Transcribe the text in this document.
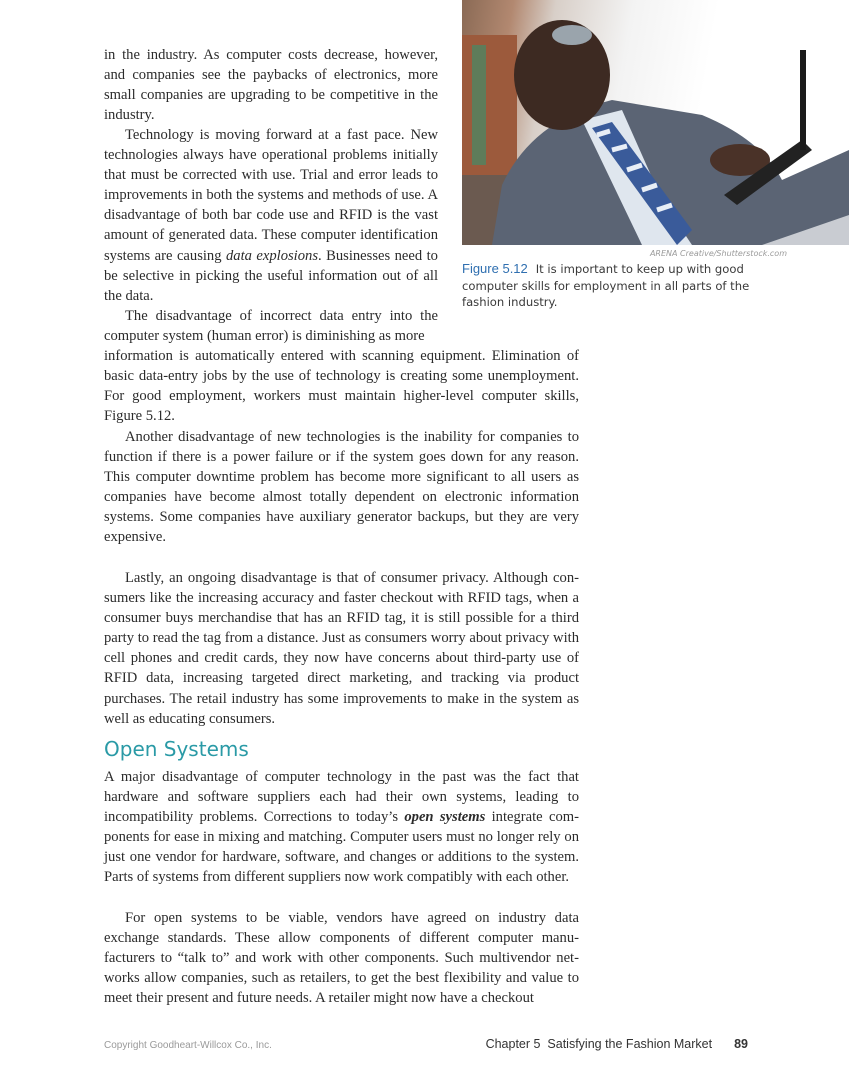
ARENA Creative/Shutterstock.com
Figure 5.12 It is important to keep up with good computer skills for employment in all parts of the fashion industry.

in the industry. As computer costs decrease, however, and companies see the paybacks of electronics, more small companies are upgrading to be competitive in the industry.

Technology is moving forward at a fast pace. New technologies always have operational problems initially that must be corrected with use. Trial and error leads to improvements in both the systems and methods of use. A disadvantage of both bar code use and RFID is the vast amount of generated data. These computer identification systems are causing data explosions. Businesses need to be selective in picking the useful information out of all the data.

The disadvantage of incorrect data entry into the computer system (human error) is diminishing as more

information is automatically entered with scanning equipment. Elimination of basic data-entry jobs by the use of technology is creating some unemployment. For good employment, workers must maintain higher-level computer skills, Figure 5.12.

Another disadvantage of new technologies is the inability for companies to function if there is a power failure or if the system goes down for any reason. This computer downtime problem has become more significant to all users as companies have become almost totally dependent on electronic information systems. Some companies have auxiliary generator backups, but they are very expensive.

Lastly, an ongoing disadvantage is that of consumer privacy. Although consumers like the increasing accuracy and faster checkout with RFID tags, when a consumer buys merchandise that has an RFID tag, it is still possible for a third party to read the tag from a distance. Just as consumers worry about privacy with cell phones and credit cards, they now have concerns about third-party use of RFID data, increasing targeted direct marketing, and tracking via product purchases. The retail industry has some improvements to make in the system as well as educating consumers.

Open Systems

A major disadvantage of computer technology in the past was the fact that hardware and software suppliers each had their own systems, leading to incompatibility problems. Corrections to today’s open systems integrate components for ease in mixing and matching. Computer users must no longer rely on just one vendor for hardware, software, and changes or additions to the system. Parts of systems from different suppliers now work compatibly with each other.

For open systems to be viable, vendors have agreed on industry data exchange standards. These allow components of different computer manufacturers to “talk to” and work with other components. Such multivendor networks allow companies, such as retailers, to get the best flexibility and value to meet their present and future needs. A retailer might now have a checkout

Copyright Goodheart-Willcox Co., Inc.	Chapter 5  Satisfying the Fashion Market 89
